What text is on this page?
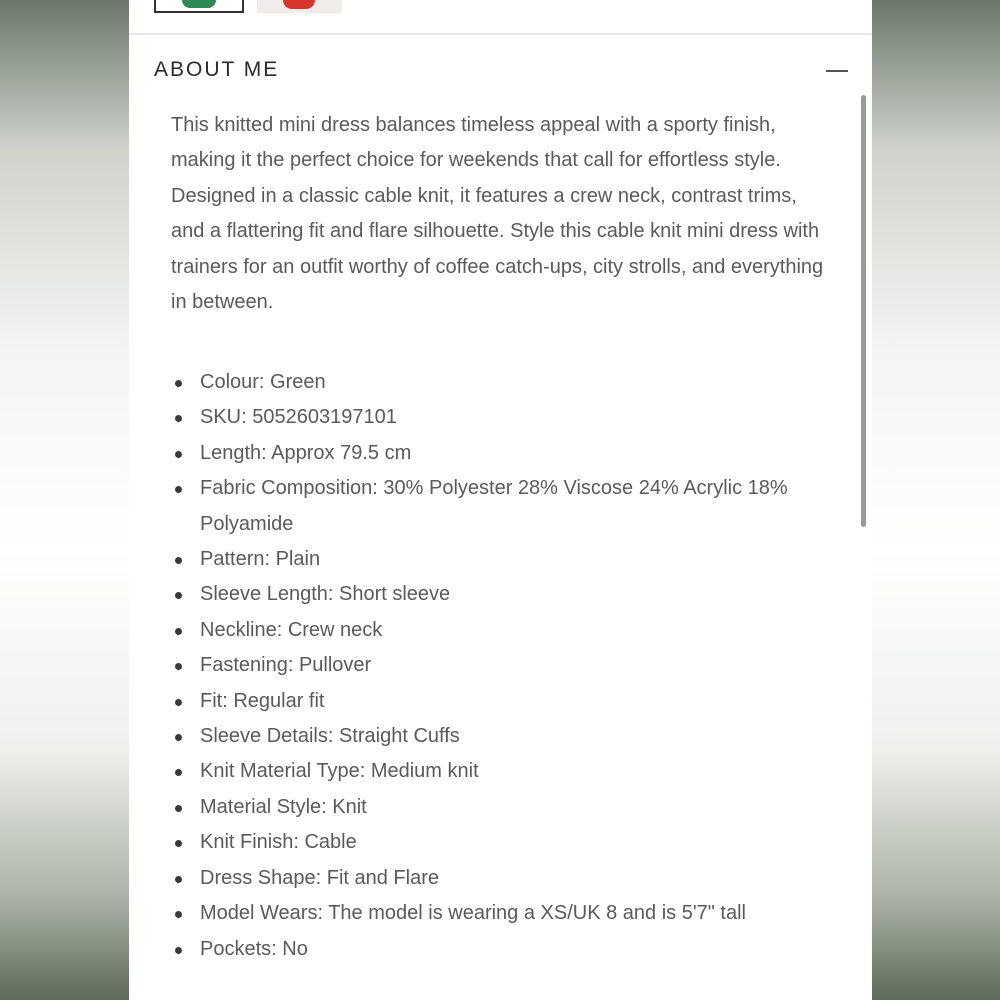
ABOUT ME

This knitted mini dress balances timeless appeal with a sporty finish, making it the perfect choice for weekends that call for effortless style. Designed in a classic cable knit, it features a crew neck, contrast trims, and a flattering fit and flare silhouette. Style this cable knit mini dress with trainers for an outfit worthy of coffee catch-ups, city strolls, and everything in between.

Colour: Green
SKU: 5052603197101
Length: Approx 79.5 cm
Fabric Composition: 30% Polyester 28% Viscose 24% Acrylic 18% Polyamide
Pattern: Plain
Sleeve Length: Short sleeve
Neckline: Crew neck
Fastening: Pullover
Fit: Regular fit
Sleeve Details: Straight Cuffs
Knit Material Type: Medium knit
Material Style: Knit
Knit Finish: Cable
Dress Shape: Fit and Flare
Model Wears: The model is wearing a XS/UK 8 and is 5'7" tall
Pockets: No
